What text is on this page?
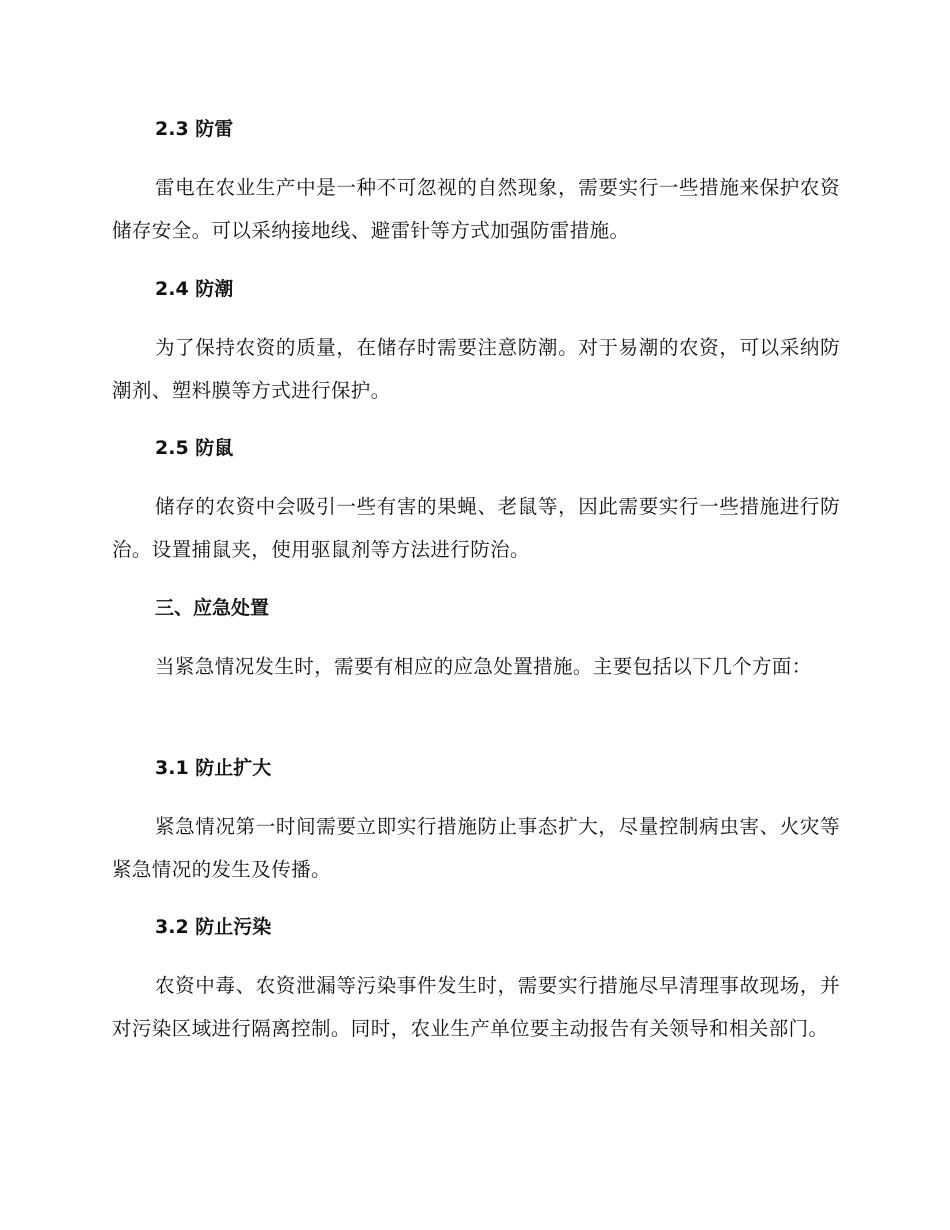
2.3 防雷
雷电在农业生产中是一种不可忽视的自然现象，需要实行一些措施来保护农资储存安全。可以采纳接地线、避雷针等方式加强防雷措施。
2.4 防潮
为了保持农资的质量，在储存时需要注意防潮。对于易潮的农资，可以采纳防潮剂、塑料膜等方式进行保护。
2.5 防鼠
储存的农资中会吸引一些有害的果蝇、老鼠等，因此需要实行一些措施进行防治。设置捕鼠夹，使用驱鼠剂等方法进行防治。
三、应急处置
当紧急情况发生时，需要有相应的应急处置措施。主要包括以下几个方面：
3.1 防止扩大
紧急情况第一时间需要立即实行措施防止事态扩大，尽量控制病虫害、火灾等紧急情况的发生及传播。
3.2 防止污染
农资中毒、农资泄漏等污染事件发生时，需要实行措施尽早清理事故现场，并对污染区域进行隔离控制。同时，农业生产单位要主动报告有关领导和相关部门。
